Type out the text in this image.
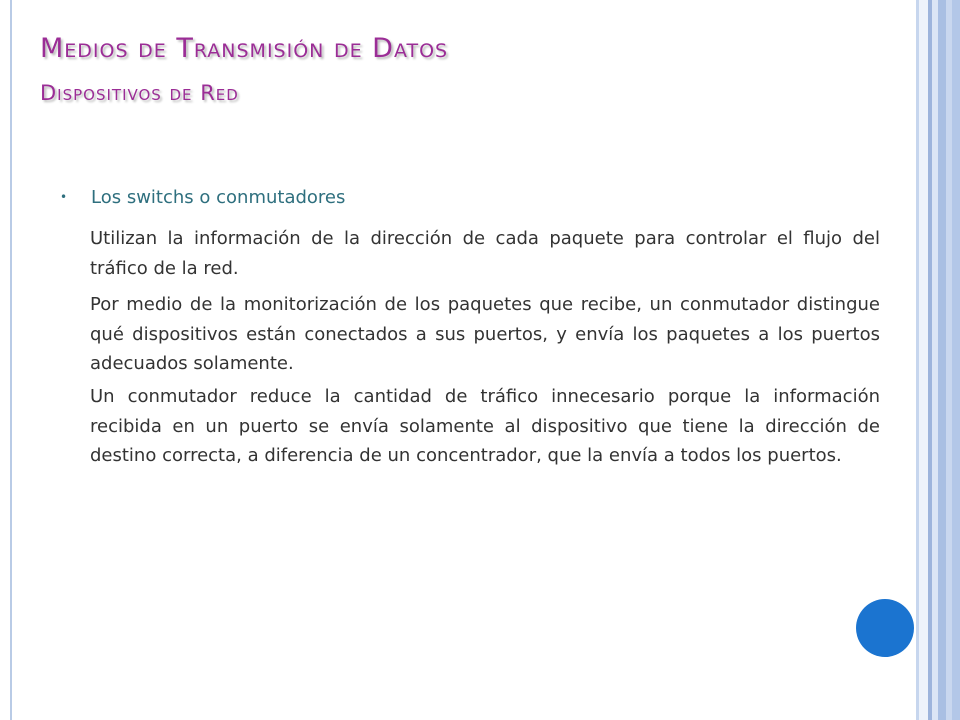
Medios de Transmisión de Datos
Dispositivos de Red
• Los switchs o conmutadores
Utilizan la información de la dirección de cada paquete para controlar el flujo del tráfico de la red.
Por medio de la monitorización de los paquetes que recibe, un conmutador distingue qué dispositivos están conectados a sus puertos, y envía los paquetes a los puertos adecuados solamente.
Un conmutador reduce la cantidad de tráfico innecesario porque la información recibida en un puerto se envía solamente al dispositivo que tiene la dirección de destino correcta, a diferencia de un concentrador, que la envía a todos los puertos.
